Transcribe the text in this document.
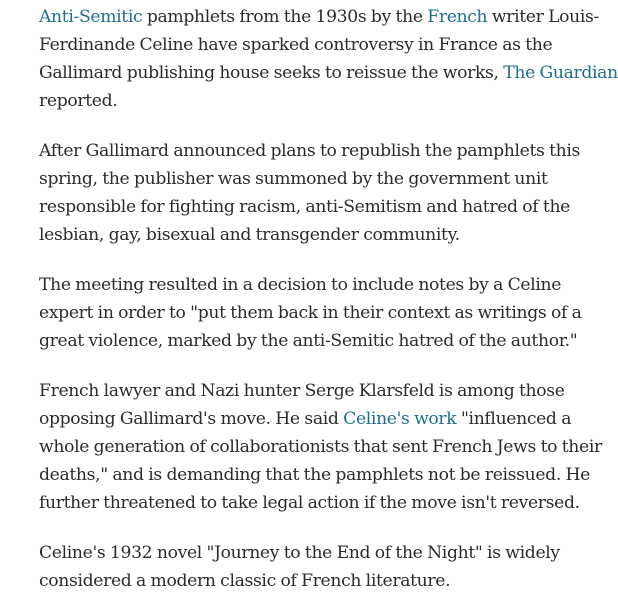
Anti-Semitic pamphlets from the 1930s by the French writer Louis-
Ferdinande Celine have sparked controversy in France as the
Gallimard publishing house seeks to reissue the works, The Guardian
reported.

After Gallimard announced plans to republish the pamphlets this
spring, the publisher was summoned by the government unit
responsible for fighting racism, anti-Semitism and hatred of the
lesbian, gay, bisexual and transgender community.

The meeting resulted in a decision to include notes by a Celine
expert in order to "put them back in their context as writings of a
great violence, marked by the anti-Semitic hatred of the author."

French lawyer and Nazi hunter Serge Klarsfeld is among those
opposing Gallimard's move. He said Celine's work "influenced a
whole generation of collaborationists that sent French Jews to their
deaths," and is demanding that the pamphlets not be reissued. He
further threatened to take legal action if the move isn't reversed.

Celine's 1932 novel "Journey to the End of the Night" is widely
considered a modern classic of French literature.
